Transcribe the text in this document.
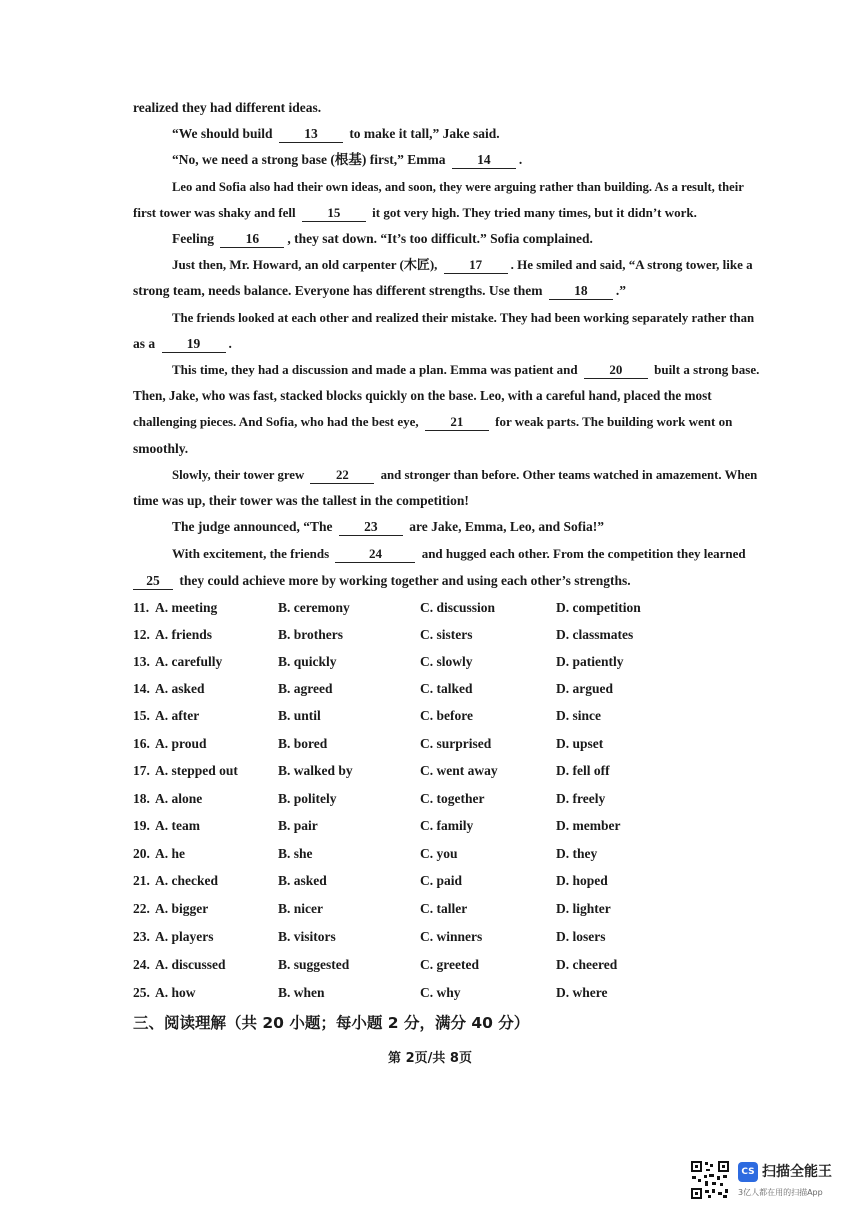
realized they had different ideas.
“We should build 13 to make it tall,” Jake said.
“No, we need a strong base (根基) first,” Emma 14 .
Leo and Sofia also had their own ideas, and soon, they were arguing rather than building. As a result, their
first tower was shaky and fell 15 it got very high. They tried many times, but it didn’t work.
Feeling 16 , they sat down. “It’s too difficult.” Sofia complained.
Just then, Mr. Howard, an old carpenter (木匠), 17 . He smiled and said, “A strong tower, like a
strong team, needs balance. Everyone has different strengths. Use them 18 .”
The friends looked at each other and realized their mistake. They had been working separately rather than
as a 19 .
This time, they had a discussion and made a plan. Emma was patient and 20 built a strong base.
Then, Jake, who was fast, stacked blocks quickly on the base. Leo, with a careful hand, placed the most
challenging pieces. And Sofia, who had the best eye, 21 for weak parts. The building work went on
smoothly.
Slowly, their tower grew 22 and stronger than before. Other teams watched in amazement. When
time was up, their tower was the tallest in the competition!
The judge announced, “The 23 are Jake, Emma, Leo, and Sofia!”
With excitement, the friends	24	and hugged each other. From the competition they learned
25 they could achieve more by working together and using each other’s strengths.
11. A. meeting	B. ceremony	C. discussion	D. competition
12. A. friends	B. brothers	C. sisters	D. classmates
13. A. carefully	B. quickly	C. slowly	D. patiently
14. A. asked	B. agreed	C. talked	D. argued
15. A. after	B. until	C. before	D. since
16. A. proud	B. bored	C. surprised	D. upset
17. A. stepped out	B. walked by	C. went away	D. fell off
18. A. alone	B. politely	C. together	D. freely
19. A. team	B. pair	C. family	D. member
20. A. he	B. she	C. you	D. they
21. A. checked	B. asked	C. paid	D. hoped
22. A. bigger	B. nicer	C. taller	D. lighter
23. A. players	B. visitors	C. winners	D. losers
24. A. discussed	B. suggested	C. greeted	D. cheered
25. A. how	B. when	C. why	D. where
三、阅读理解（共 20 小题；每小题 2 分，满分 40 分）
第 2页/共 8页
CS 扫描全能王
3亿人都在用的扫描App
